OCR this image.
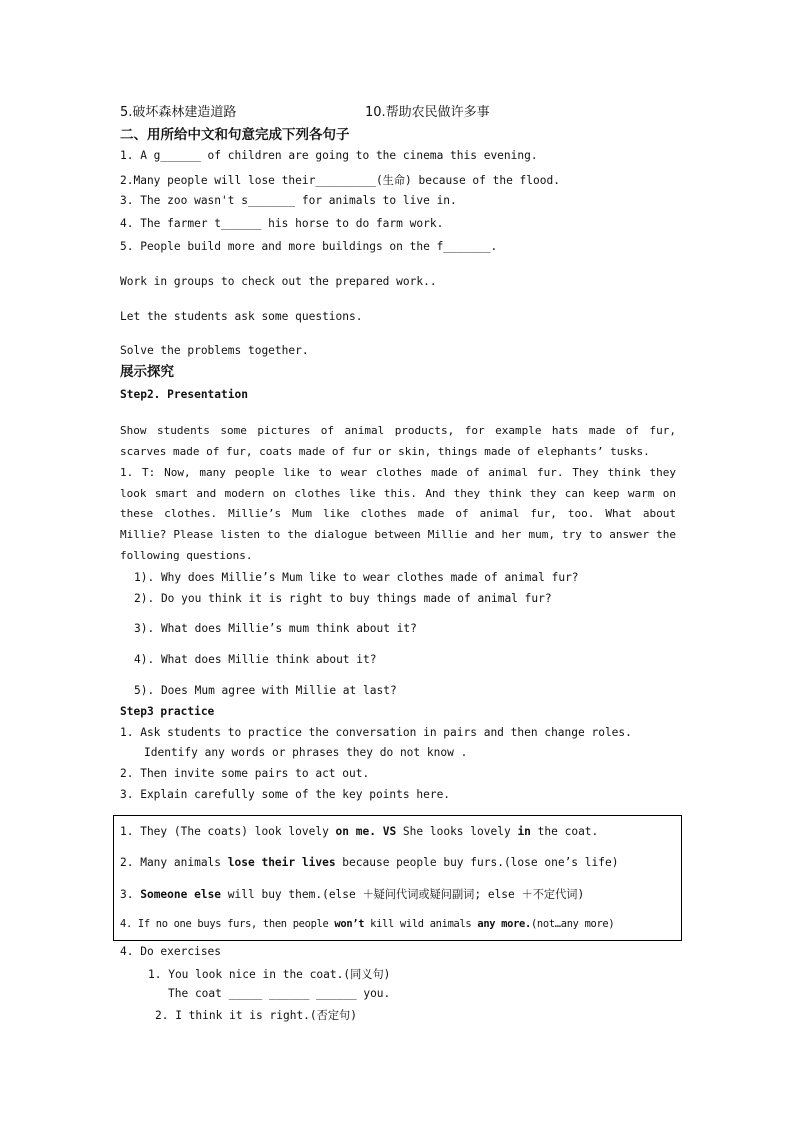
5.破坏森林建造道路	10.帮助农民做许多事
二、用所给中文和句意完成下列各句子
1. A g______ of children are going to the cinema this evening.
2.Many people will lose their_________(生命) because of the flood.
3. The zoo wasn't s_______ for animals to live in.
4. The farmer t______ his horse to do farm work.
5. People build more and more buildings on the f_______.
Work in groups to check out the prepared work..
Let the students ask some questions.
Solve the problems together.
展示探究
Step2. Presentation
Show students some pictures of animal products, for example hats made of fur, scarves made of fur, coats made of fur or skin, things made of elephants’ tusks.
1. T: Now, many people like to wear clothes made of animal fur. They think they look smart and modern on clothes like this. And they think they can keep warm on these clothes. Millie’s Mum like clothes made of animal fur, too. What about Millie? Please listen to the dialogue between Millie and her mum, try to answer the following questions.
1). Why does Millie’s Mum like to wear clothes made of animal fur?
2). Do you think it is right to buy things made of animal fur?
3). What does Millie’s mum think about it?
4). What does Millie think about it?
5). Does Mum agree with Millie at last?
Step3 practice
1. Ask students to practice the conversation in pairs and then change roles.
Identify any words or phrases they do not know .
2. Then invite some pairs to act out.
3. Explain carefully some of the key points here.
1. They (The coats) look lovely on me. VS She looks lovely in the coat.
2. Many animals lose their lives because people buy furs.(lose one’s life)
3. Someone else will buy them.(else ＋疑问代词或疑问副词; else ＋不定代词)
4. If no one buys furs, then people won’t kill wild animals any more.(not…any more)
4. Do exercises
1. You look nice in the coat.(同义句)
The coat _____ ______ ______ you.
2. I think it is right.(否定句)
